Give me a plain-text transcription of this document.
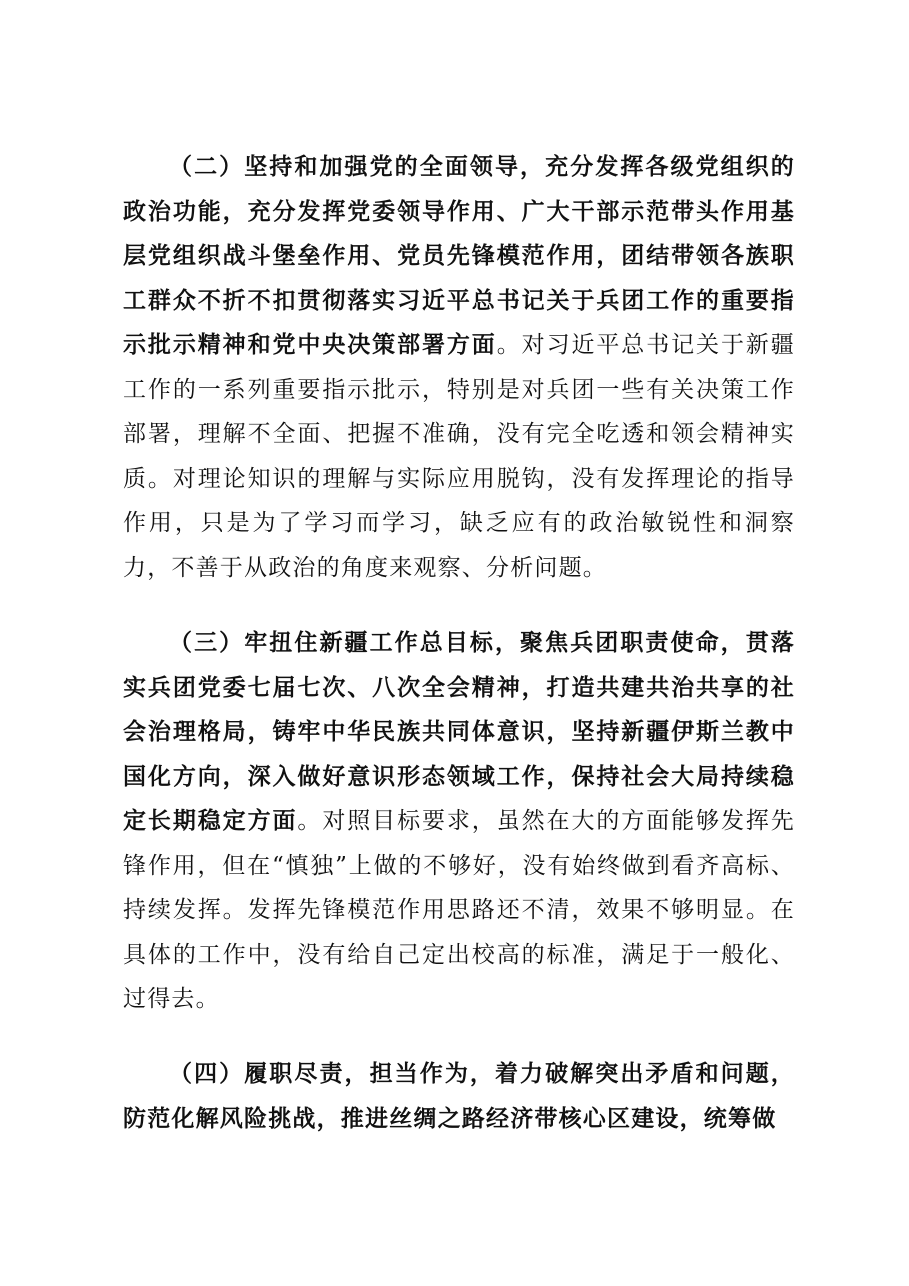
（二）坚持和加强党的全面领导，充分发挥各级党组织的政治功能，充分发挥党委领导作用、广大干部示范带头作用基层党组织战斗堡垒作用、党员先锋模范作用，团结带领各族职工群众不折不扣贯彻落实习近平总书记关于兵团工作的重要指示批示精神和党中央决策部署方面。对习近平总书记关于新疆工作的一系列重要指示批示，特别是对兵团一些有关决策工作部署，理解不全面、把握不准确，没有完全吃透和领会精神实质。对理论知识的理解与实际应用脱钩，没有发挥理论的指导作用，只是为了学习而学习，缺乏应有的政治敏锐性和洞察力，不善于从政治的角度来观察、分析问题。

（三）牢扭住新疆工作总目标，聚焦兵团职责使命，贯落实兵团党委七届七次、八次全会精神，打造共建共治共享的社会治理格局，铸牢中华民族共同体意识，坚持新疆伊斯兰教中国化方向，深入做好意识形态领域工作，保持社会大局持续稳定长期稳定方面。对照目标要求，虽然在大的方面能够发挥先锋作用，但在“慎独”上做的不够好，没有始终做到看齐高标、持续发挥。发挥先锋模范作用思路还不清，效果不够明显。在具体的工作中，没有给自己定出校高的标准，满足于一般化、过得去。

（四）履职尽责，担当作为，着力破解突出矛盾和问题，防范化解风险挑战，推进丝绸之路经济带核心区建设，统筹做
